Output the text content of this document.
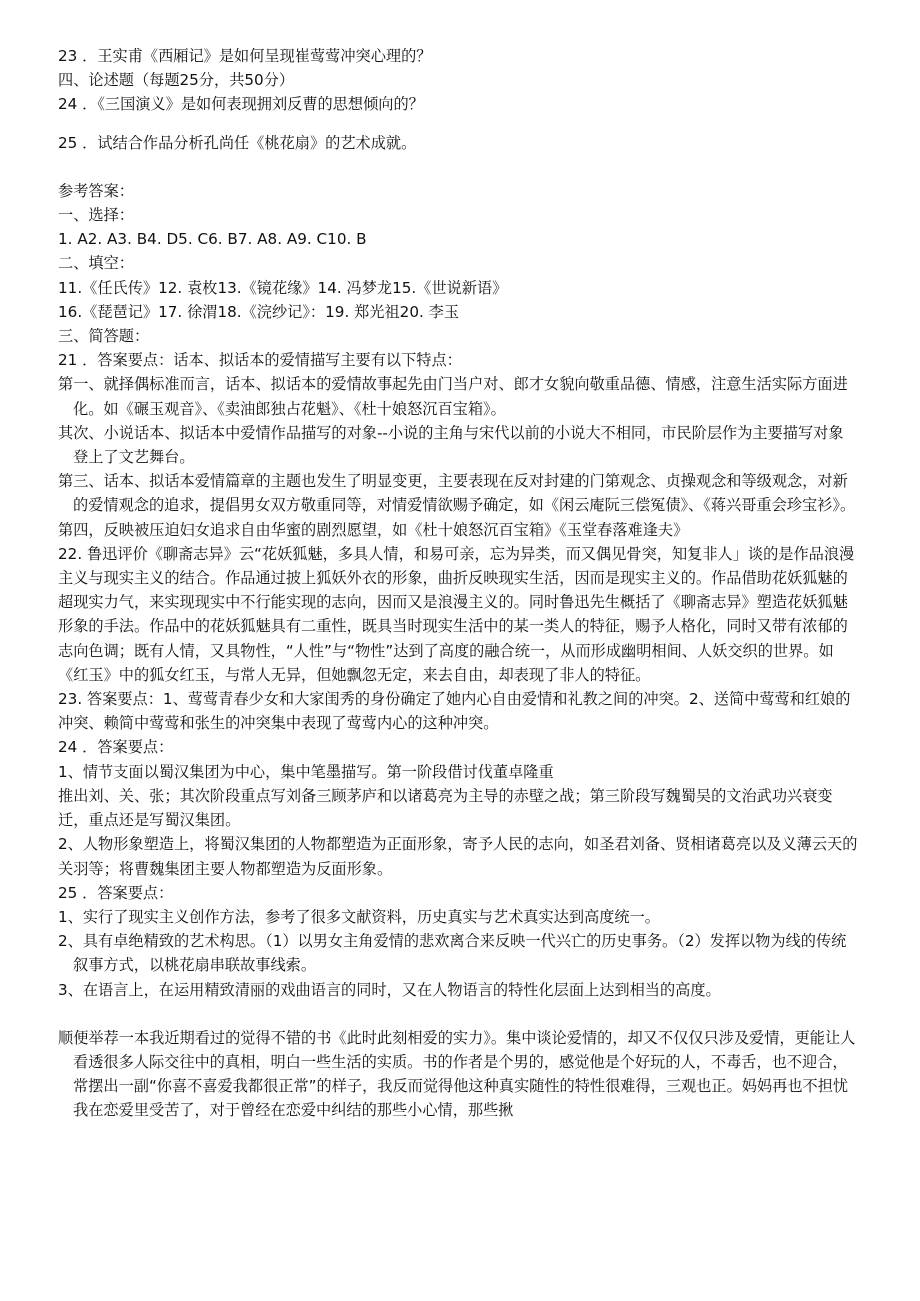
23 ．王实甫《西厢记》是如何呈现崔莺莺冲突心理的？

四、论述题（每题25分，共50分）

24 ．《三国演义》是如何表现拥刘反曹的思想倾向的？

25 ．试结合作品分析孔尚任《桃花扇》的艺术成就。

参考答案：

一、选择：

1. A2. A3. B4. D5. C6. B7. A8. A9. C10. B

二、填空：

11.《任氏传》12. 袁枚13.《镜花缘》14. 冯梦龙15.《世说新语》

16.《琵琶记》17. 徐渭18.《浣纱记》：19. 郑光祖20. 李玉

三、简答题：

21 ．答案要点：话本、拟话本的爱情描写主要有以下特点：

第一、就择偶标准而言，话本、拟话本的爱情故事起先由门当户对、郎才女貌向敬重品德、情感，注意生活实际方面进化。如《碾玉观音》、《卖油郎独占花魁》、《杜十娘怒沉百宝箱》。

其次、小说话本、拟话本中爱情作品描写的对象--小说的主角与宋代以前的小说大不相同，市民阶层作为主要描写对象登上了文艺舞台。

第三、话本、拟话本爱情篇章的主题也发生了明显变更，主要表现在反对封建的门第观念、贞操观念和等级观念，对新的爱情观念的追求，提倡男女双方敬重同等，对情爱情欲赐予确定，如《闲云庵阮三偿冤债》、《蒋兴哥重会珍宝衫》。

第四，反映被压迫妇女追求自由华蜜的剧烈愿望，如《杜十娘怒沉百宝箱》《玉堂春落难逢夫》

22. 鲁迅评价《聊斋志异》云“花妖狐魅，多具人情，和易可亲，忘为异类，而又偶见骨突，知复非人」谈的是作品浪漫主义与现实主义的结合。作品通过披上狐妖外衣的形象，曲折反映现实生活，因而是现实主义的。作品借助花妖狐魅的超现实力气，来实现现实中不行能实现的志向，因而又是浪漫主义的。同时鲁迅先生概括了《聊斋志异》塑造花妖狐魅形象的手法。作品中的花妖狐魅具有二重性，既具当时现实生活中的某一类人的特征，赐予人格化，同时又带有浓郁的志向色调；既有人情，又具物性，“人性”与“物性”达到了高度的融合统一，从而形成幽明相间、人妖交织的世界。如《红玉》中的狐女红玉，与常人无异，但她飘忽无定，来去自由，却表现了非人的特征。

23. 答案要点：1、莺莺青春少女和大家闺秀的身份确定了她内心自由爱情和礼教之间的冲突。2、送简中莺莺和红娘的冲突、赖简中莺莺和张生的冲突集中表现了莺莺内心的这种冲突。

24 ．答案要点：

1、情节支面以蜀汉集团为中心，集中笔墨描写。第一阶段借讨伐董卓隆重

推出刘、关、张；其次阶段重点写刘备三顾茅庐和以诸葛亮为主导的赤壁之战；第三阶段写魏蜀吴的文治武功兴衰变迁，重点还是写蜀汉集团。

2、人物形象塑造上，将蜀汉集团的人物都塑造为正面形象，寄予人民的志向，如圣君刘备、贤相诸葛亮以及义薄云天的关羽等；将曹魏集团主要人物都塑造为反面形象。

25 ．答案要点：

1、实行了现实主义创作方法，参考了很多文献资料，历史真实与艺术真实达到高度统一。

2、具有卓绝精致的艺术构思。（1）以男女主角爱情的悲欢离合来反映一代兴亡的历史事务。（2）发挥以物为线的传统叙事方式，以桃花扇串联故事线索。

3、在语言上，在运用精致清丽的戏曲语言的同时，又在人物语言的特性化层面上达到相当的高度。

顺便举荐一本我近期看过的觉得不错的书《此时此刻相爱的实力》。集中谈论爱情的，却又不仅仅只涉及爱情，更能让人看透很多人际交往中的真相，明白一些生活的实质。书的作者是个男的，感觉他是个好玩的人，不毒舌，也不迎合，常摆出一副“你喜不喜爱我都很正常”的样子，我反而觉得他这种真实随性的特性很难得，三观也正。妈妈再也不担忧我在恋爱里受苦了，对于曾经在恋爱中纠结的那些小心情，那些揪
